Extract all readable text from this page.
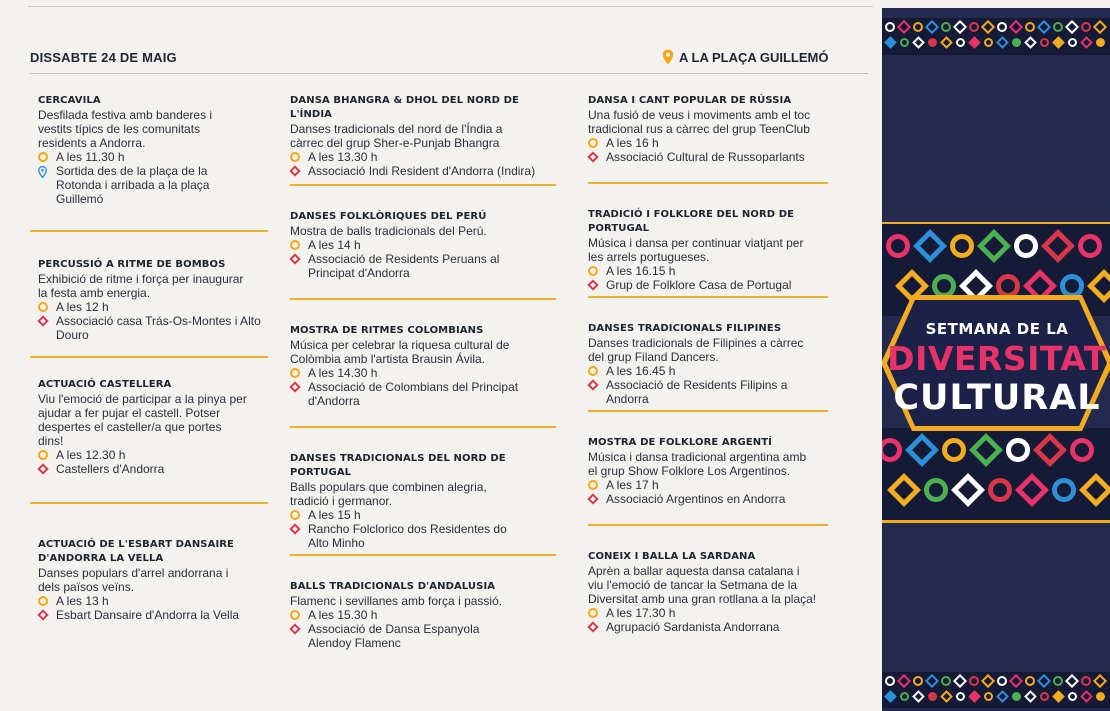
DISSABTE 24 DE MAIG	A LA PLAÇA GUILLEMÓ
CERCAVILA
Desfilada festiva amb banderes i
vestits típics de les comunitats
residents a Andorra.
A les 11.30 h
Sortida des de la plaça de la
Rotonda i arribada a la plaça
Guillemó
PERCUSSIÓ A RITME DE BOMBOS
Exhibició de ritme i força per inaugurar
la festa amb energia.
A les 12 h
Associació casa Trás-Os-Montes i Alto
Douro
ACTUACIÓ CASTELLERA
Viu l'emoció de participar a la pinya per
ajudar a fer pujar el castell. Potser
despertes el casteller/a que portes
dins!
A les 12.30 h
Castellers d'Andorra
ACTUACIÓ DE L'ESBART DANSAIRE
D'ANDORRA LA VELLA
Danses populars d'arrel andorrana i
dels països veïns.
A les 13 h
Esbart Dansaire d'Andorra la Vella
DANSA BHANGRA & DHOL DEL NORD DE L'ÍNDIA
Danses tradicionals del nord de l'Índia a
càrrec del grup Sher-e-Punjab Bhangra
A les 13.30 h
Associació Indi Resident d'Andorra (Indira)
DANSES FOLKLÒRIQUES DEL PERÚ
Mostra de balls tradicionals del Perú.
A les 14 h
Associació de Residents Peruans al
Principat d'Andorra
MOSTRA DE RITMES COLOMBIANS
Música per celebrar la riquesa cultural de
Colòmbia amb l'artista Brausin Ávila.
A les 14.30 h
Associació de Colombians del Principat
d'Andorra
DANSES TRADICIONALS DEL NORD DE PORTUGAL
Balls populars que combinen alegria,
tradició i germanor.
A les 15 h
Rancho Folclorico dos Residentes do
Alto Minho
BALLS TRADICIONALS D'ANDALUSIA
Flamenc i sevillanes amb força i passió.
A les 15.30 h
Associació de Dansa Espanyola
Alendoy Flamenc
DANSA I CANT POPULAR DE RÚSSIA
Una fusió de veus i moviments amb el toc
tradicional rus a càrrec del grup TeenClub
A les 16 h
Associació Cultural de Russoparlants
TRADICIÓ I FOLKLORE DEL NORD DE PORTUGAL
Música i dansa per continuar viatjant per
les arrels portugueses.
A les 16.15 h
Grup de Folklore Casa de Portugal
DANSES TRADICIONALS FILIPINES
Danses tradicionals de Filipines a càrrec
del grup Filand Dancers.
A les 16.45 h
Associació de Residents Filipins a Andorra
MOSTRA DE FOLKLORE ARGENTÍ
Música i dansa tradicional argentina amb
el grup Show Folklore Los Argentinos.
A les 17 h
Associació Argentinos en Andorra
CONEIX I BALLA LA SARDANA
Aprèn a ballar aquesta dansa catalana i
viu l'emoció de tancar la Setmana de la
Diversitat amb una gran rotllana a la plaça!
A les 17.30 h
Agrupació Sardanista Andorrana
SETMANA DE LA
DIVERSITAT
CULTURAL
